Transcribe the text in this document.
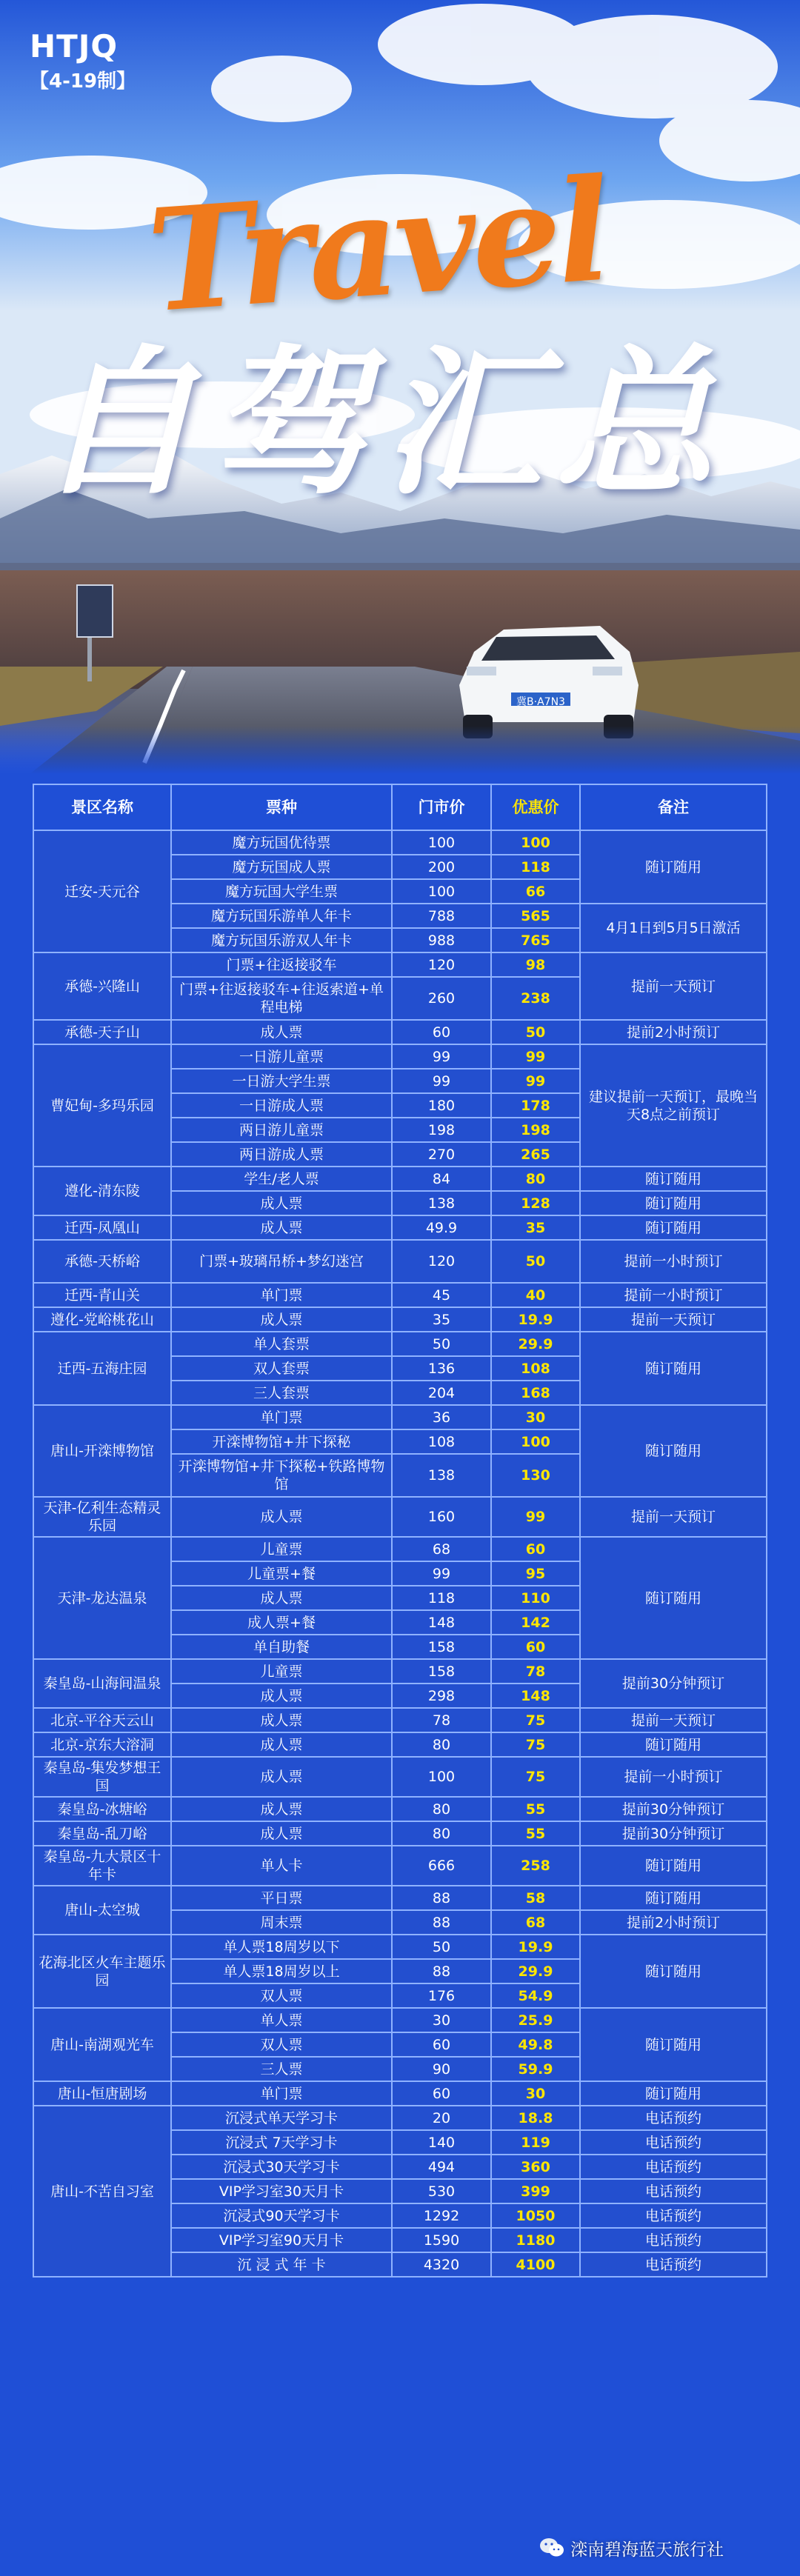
HTJQ
【4-19制】
Travel
自驾汇总
冀B·A7N3
景区名称	票种	门市价	优惠价	备注
迁安-天元谷	魔方玩国优待票	100	100	随订随用
	魔方玩国成人票	200	118	
	魔方玩国大学生票	100	66	
	魔方玩国乐游单人年卡	788	565	4月1日到5月5日激活
	魔方玩国乐游双人年卡	988	765	
承德-兴隆山	门票+往返接驳车	120	98	提前一天预订
	门票+往返接驳车+往返索道+单程电梯	260	238	
承德-天子山	成人票	60	50	提前2小时预订
曹妃甸-多玛乐园	一日游儿童票	99	99	建议提前一天预订，最晚当天8点之前预订
	一日游大学生票	99	99	
	一日游成人票	180	178	
	两日游儿童票	198	198	
	两日游成人票	270	265	
遵化-清东陵	学生/老人票	84	80	随订随用
	成人票	138	128	随订随用
迁西-凤凰山	成人票	49.9	35	随订随用
承德-天桥峪	门票+玻璃吊桥+梦幻迷宫	120	50	提前一小时预订
迁西-青山关	单门票	45	40	提前一小时预订
遵化-党峪桃花山	成人票	35	19.9	提前一天预订
迁西-五海庄园	单人套票	50	29.9	随订随用
	双人套票	136	108	
	三人套票	204	168	
唐山-开滦博物馆	单门票	36	30	随订随用
	开滦博物馆+井下探秘	108	100	
	开滦博物馆+井下探秘+铁路博物馆	138	130	
天津-亿利生态精灵乐园	成人票	160	99	提前一天预订
天津-龙达温泉	儿童票	68	60	随订随用
	儿童票+餐	99	95	
	成人票	118	110	
	成人票+餐	148	142	
	单自助餐	158	60	
秦皇岛-山海间温泉	儿童票	158	78	提前30分钟预订
	成人票	298	148	
北京-平谷天云山	成人票	78	75	提前一天预订
北京-京东大溶洞	成人票	80	75	随订随用
秦皇岛-集发梦想王国	成人票	100	75	提前一小时预订
秦皇岛-冰塘峪	成人票	80	55	提前30分钟预订
秦皇岛-乱刀峪	成人票	80	55	提前30分钟预订
秦皇岛-九大景区十年卡	单人卡	666	258	随订随用
唐山-太空城	平日票	88	58	随订随用
	周末票	88	68	提前2小时预订
花海北区火车主题乐园	单人票18周岁以下	50	19.9	随订随用
	单人票18周岁以上	88	29.9	
	双人票	176	54.9	
唐山-南湖观光车	单人票	30	25.9	随订随用
	双人票	60	49.8	
	三人票	90	59.9	
唐山-恒唐剧场	单门票	60	30	随订随用
唐山-不苦自习室	沉浸式单天学习卡	20	18.8	电话预约
	沉浸式 7天学习卡	140	119	电话预约
	沉浸式30天学习卡	494	360	电话预约
	VIP学习室30天月卡	530	399	电话预约
	沉浸式90天学习卡	1292	1050	电话预约
	VIP学习室90天月卡	1590	1180	电话预约
	沉 浸 式 年 卡	4320	4100	电话预约
滦南碧海蓝天旅行社
